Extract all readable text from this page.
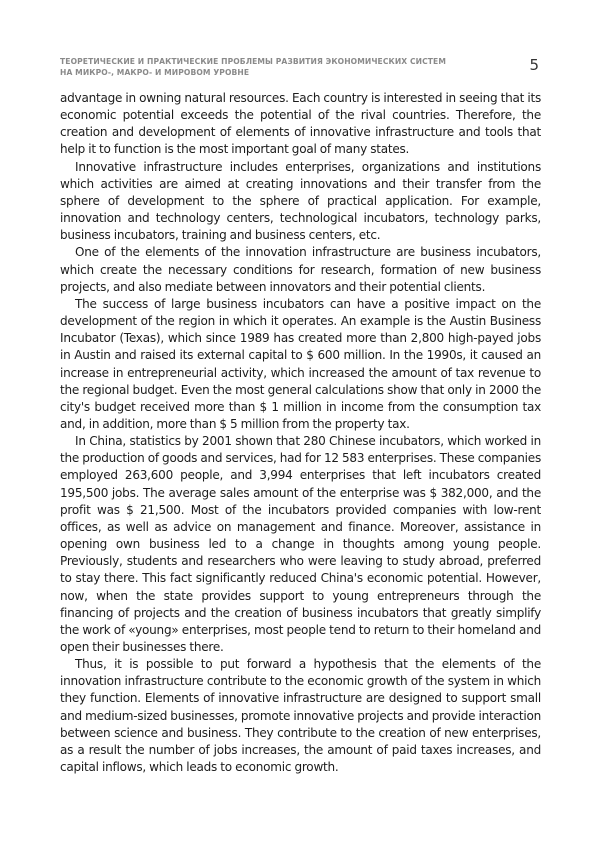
ТЕОРЕТИЧЕСКИЕ И ПРАКТИЧЕСКИЕ ПРОБЛЕМЫ РАЗВИТИЯ ЭКОНОМИЧЕСКИХ СИСТЕМ
НА МИКРО-, МАКРО- И МИРОВОМ УРОВНЕ	5

advantage in owning natural resources. Each country is interested in seeing that its economic potential exceeds the potential of the rival countries. Therefore, the creation and development of elements of innovative infrastructure and tools that help it to function is the most important goal of many states.

Innovative infrastructure includes enterprises, organizations and institutions which activities are aimed at creating innovations and their transfer from the sphere of development to the sphere of practical application. For example, innovation and technology centers, technological incubators, technology parks, business incubators, training and business centers, etc.

One of the elements of the innovation infrastructure are business incubators, which create the necessary conditions for research, formation of new business projects, and also mediate between innovators and their potential clients.

The success of large business incubators can have a positive impact on the development of the region in which it operates. An example is the Austin Business Incubator (Texas), which since 1989 has created more than 2,800 high-payed jobs in Austin and raised its external capital to $ 600 million. In the 1990s, it caused an increase in entrepreneurial activity, which increased the amount of tax revenue to the regional budget. Even the most general calculations show that only in 2000 the city's budget received more than $ 1 million in income from the consumption tax and, in addition, more than $ 5 million from the property tax.

In China, statistics by 2001 shown that 280 Chinese incubators, which worked in the production of goods and services, had for 12 583 enterprises. These companies employed 263,600 people, and 3,994 enterprises that left incubators created 195,500 jobs. The average sales amount of the enterprise was $ 382,000, and the profit was $ 21,500. Most of the incubators provided companies with low-rent offices, as well as advice on management and finance. Moreover, assistance in opening own business led to a change in thoughts among young people. Previously, students and researchers who were leaving to study abroad, preferred to stay there. This fact significantly reduced China's economic potential. However, now, when the state provides support to young entrepreneurs through the financing of projects and the creation of business incubators that greatly simplify the work of «young» enterprises, most people tend to return to their homeland and open their businesses there.

Thus, it is possible to put forward a hypothesis that the elements of the innovation infrastructure contribute to the economic growth of the system in which they function. Elements of innovative infrastructure are designed to support small and medium-sized businesses, promote innovative projects and provide interaction between science and business. They contribute to the creation of new enterprises, as a result the number of jobs increases, the amount of paid taxes increases, and capital inflows, which leads to economic growth.
